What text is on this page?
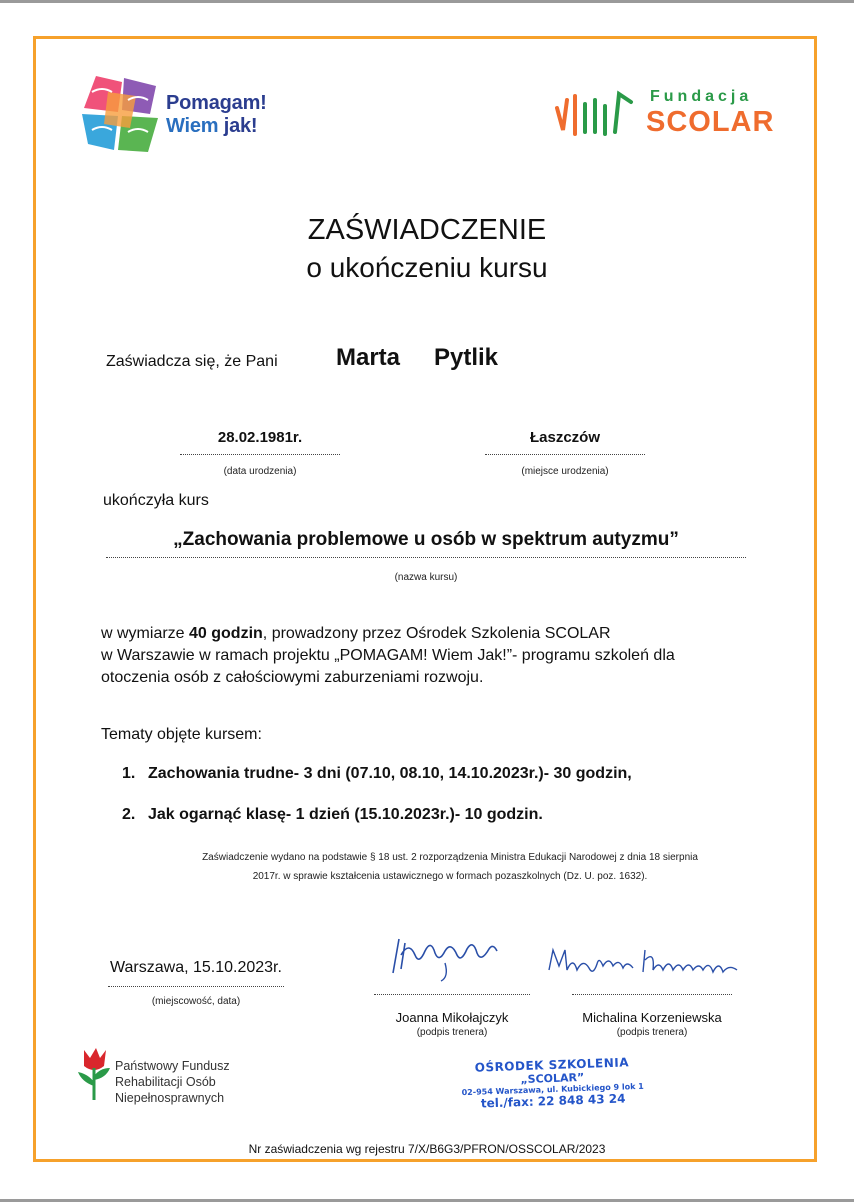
Pomagam!
Wiem jak!
Fundacja
SCOLAR
ZAŚWIADCZENIE
o ukończeniu kursu
Zaświadcza się, że Pani Marta Pytlik
28.02.1981r.
(data urodzenia)
Łaszczów
(miejsce urodzenia)
ukończyła kurs
„Zachowania problemowe u osób w spektrum autyzmu”
(nazwa kursu)
w wymiarze 40 godzin, prowadzony przez Ośrodek Szkolenia SCOLAR
w Warszawie w ramach projektu „POMAGAM! Wiem Jak!”- programu szkoleń dla
otoczenia osób z całościowymi zaburzeniami rozwoju.
Tematy objęte kursem:
1. Zachowania trudne- 3 dni (07.10, 08.10, 14.10.2023r.)- 30 godzin,
2. Jak ogarnąć klasę- 1 dzień (15.10.2023r.)- 10 godzin.
Zaświadczenie wydano na podstawie § 18 ust. 2 rozporządzenia Ministra Edukacji Narodowej z dnia 18 sierpnia
2017r. w sprawie kształcenia ustawicznego w formach pozaszkolnych (Dz. U. poz. 1632).
Warszawa, 15.10.2023r.
(miejscowość, data)
Joanna Mikołajczyk
(podpis trenera)
Michalina Korzeniewska
(podpis trenera)
Państwowy Fundusz
Rehabilitacji Osób
Niepełnosprawnych
OŚRODEK SZKOLENIA
„SCOLAR”
02-954 Warszawa, ul. Kubickiego 9 lok 1
tel./fax: 22 848 43 24
Nr zaświadczenia wg rejestru 7/X/B6G3/PFRON/OSSCOLAR/2023
